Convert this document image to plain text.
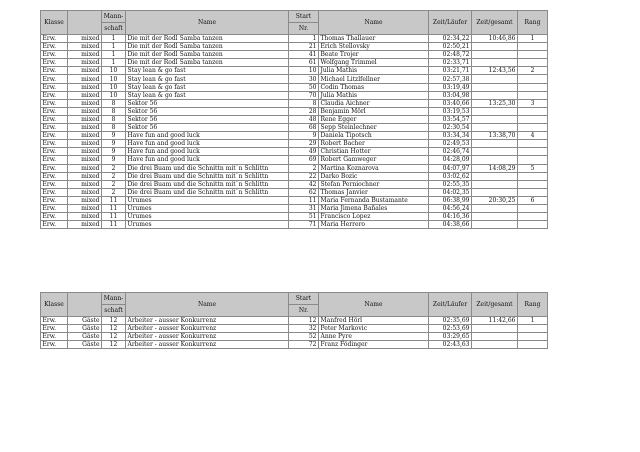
Klasse		Mann-	Name	Start	Name	Zeit/Läufer	Zeit/gesamt	Rang
		schaft		Nr.				
Erw.	mixed	1	Die mit der Rodl Samba tanzen	1	Thomas Thallauer	02:34,22	10:46,86	1
Erw.	mixed	1	Die mit der Rodl Samba tanzen	21	Erich Stellovsky	02:50,21		
Erw.	mixed	1	Die mit der Rodl Samba tanzen	41	Beate Trojer	02:48,72		
Erw.	mixed	1	Die mit der Rodl Samba tanzen	61	Wolfgang Trimmel	02:33,71		
Erw.	mixed	10	Stay lean & go fast	10	Julia Mathis	03:21,71	12:43,56	2
Erw.	mixed	10	Stay lean & go fast	30	Michael Litzlfellner	02:57,38		
Erw.	mixed	10	Stay lean & go fast	50	Codin Thomas	03:19,49		
Erw.	mixed	10	Stay lean & go fast	70	Julia Mathis	03:04,98		
Erw.	mixed	8	Sektor 56	8	Claudia Aichner	03:40,66	13:25,30	3
Erw.	mixed	8	Sektor 56	28	Benjamin Mörl	03:19,53		
Erw.	mixed	8	Sektor 56	48	Rene Egger	03:54,57		
Erw.	mixed	8	Sektor 56	68	Sepp Steinlechner	02:30,54		
Erw.	mixed	9	Have fun and good luck	9	Daniela Tipotsch	03:34,34	13:38,70	4
Erw.	mixed	9	Have fun and good luck	29	Robert Bacher	02:49,53		
Erw.	mixed	9	Have fun and good luck	49	Christian Hotter	02:46,74		
Erw.	mixed	9	Have fun and good luck	69	Robert Gamweger	04:28,09		
Erw.	mixed	2	Die drei Buam und die Schnittn mit`n Schlittn	2	Martina Koznarova	04:07,97	14:08,29	5
Erw.	mixed	2	Die drei Buam und die Schnittn mit`n Schlittn	22	Darko Bozic	03:02,62		
Erw.	mixed	2	Die drei Buam und die Schnittn mit`n Schlittn	42	Stefan Perniochner	02:55,35		
Erw.	mixed	2	Die drei Buam und die Schnittn mit`n Schlittn	62	Thomas Janvier	04:02,35		
Erw.	mixed	11	Urumes	11	Maria Fernanda Bustamante	06:38,99	20:30,25	6
Erw.	mixed	11	Urumes	31	Maria Jimena Bañales	04:56,24		
Erw.	mixed	11	Urumes	51	Francisco Lopez	04:16,36		
Erw.	mixed	11	Urumes	71	Maria Herrero	04:38,66		
Klasse		Mann-	Name	Start	Name	Zeit/Läufer	Zeit/gesamt	Rang
		schaft		Nr.				
Erw.	Gäste	12	Arbeiter - ausser Konkurrenz	12	Manfred Hörl	02:35,69	11:42,66	1
Erw.	Gäste	12	Arbeiter - ausser Konkurrenz	32	Peter Markovic	02:53,69		
Erw.	Gäste	12	Arbeiter - ausser Konkurrenz	52	Anne Pyre	03:29,65		
Erw.	Gäste	12	Arbeiter - ausser Konkurrenz	72	Franz Födinger	02:43,63		
